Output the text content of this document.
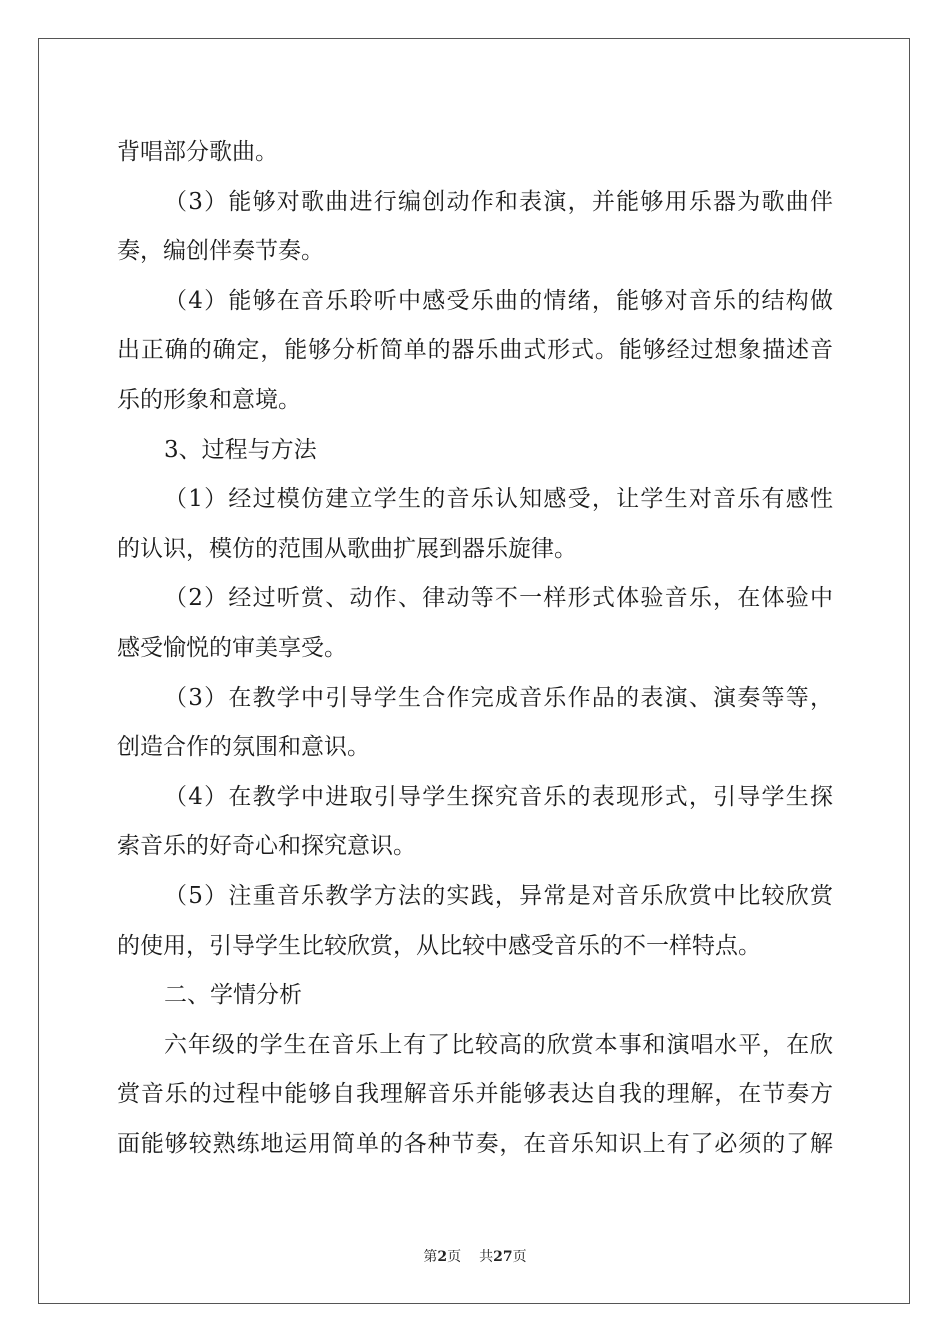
背唱部分歌曲。
（3）能够对歌曲进行编创动作和表演，并能够用乐器为歌曲伴
奏，编创伴奏节奏。
（4）能够在音乐聆听中感受乐曲的情绪，能够对音乐的结构做
出正确的确定，能够分析简单的器乐曲式形式。能够经过想象描述音
乐的形象和意境。
3、过程与方法
（1）经过模仿建立学生的音乐认知感受，让学生对音乐有感性
的认识，模仿的范围从歌曲扩展到器乐旋律。
（2）经过听赏、动作、律动等不一样形式体验音乐，在体验中
感受愉悦的审美享受。
（3）在教学中引导学生合作完成音乐作品的表演、演奏等等，
创造合作的氛围和意识。
（4）在教学中进取引导学生探究音乐的表现形式，引导学生探
索音乐的好奇心和探究意识。
（5）注重音乐教学方法的实践，异常是对音乐欣赏中比较欣赏
的使用，引导学生比较欣赏，从比较中感受音乐的不一样特点。
二、学情分析
六年级的学生在音乐上有了比较高的欣赏本事和演唱水平，在欣
赏音乐的过程中能够自我理解音乐并能够表达自我的理解，在节奏方
面能够较熟练地运用简单的各种节奏，在音乐知识上有了必须的了解
第2页 共27页
